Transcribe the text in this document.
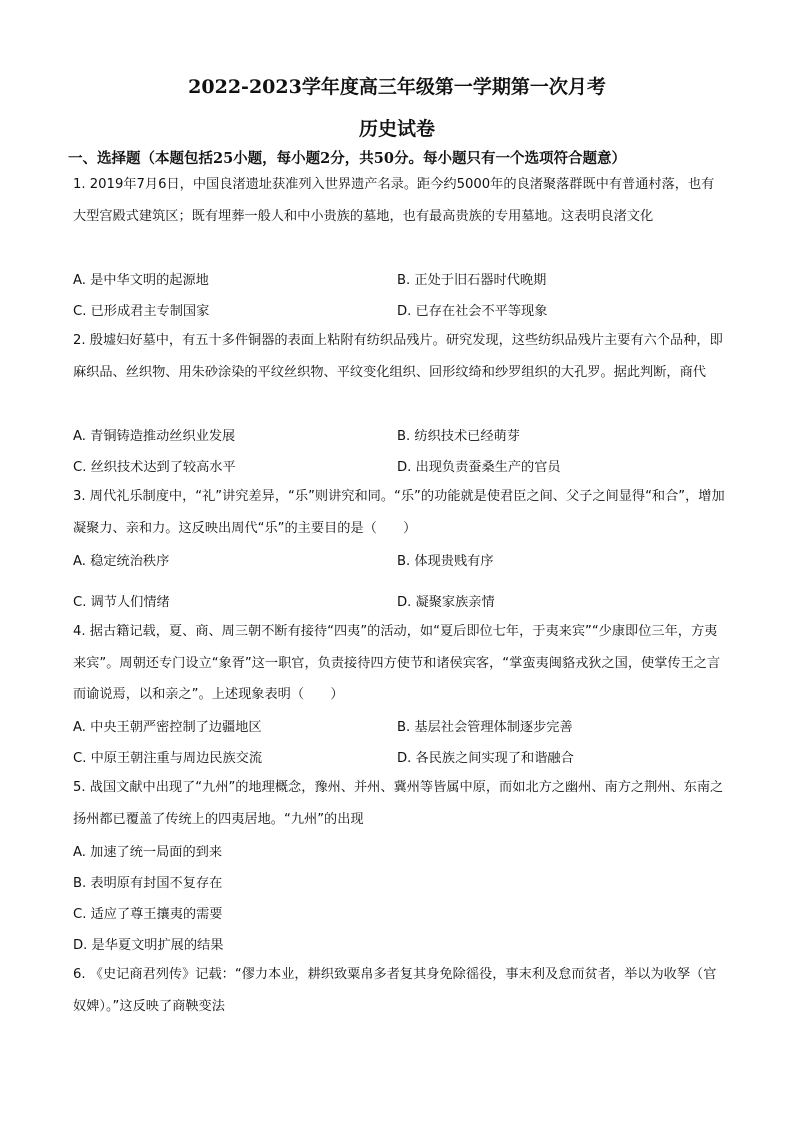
2022-2023学年度高三年级第一学期第一次月考
历史试卷
一、选择题（本题包括25小题，每小题2分，共50分。每小题只有一个选项符合题意）

1. 2019年7月6日，中国良渚遗址获准列入世界遗产名录。距今约5000年的良渚聚落群既中有普通村落，也有大型宫殿式建筑区；既有埋葬一般人和中小贵族的墓地，也有最高贵族的专用墓地。这表明良渚文化

A. 是中华文明的起源地	B. 正处于旧石器时代晚期
C. 已形成君主专制国家	D. 已存在社会不平等现象

2. 殷墟妇好墓中，有五十多件铜器的表面上粘附有纺织品残片。研究发现，这些纺织品残片主要有六个品种，即麻织品、丝织物、用朱砂涂染的平纹丝织物、平纹变化组织、回形纹绮和纱罗组织的大孔罗。据此判断，商代

A. 青铜铸造推动丝织业发展	B. 纺织技术已经萌芽
C. 丝织技术达到了较高水平	D. 出现负责蚕桑生产的官员

3. 周代礼乐制度中，“礼”讲究差异，“乐”则讲究和同。“乐”的功能就是使君臣之间、父子之间显得“和合”，增加凝聚力、亲和力。这反映出周代“乐”的主要目的是（　　）

A. 稳定统治秩序	B. 体现贵贱有序
C. 调节人们情绪	D. 凝聚家族亲情

4. 据古籍记载，夏、商、周三朝不断有接待“四夷”的活动，如“夏后即位七年，于夷来宾”“少康即位三年，方夷来宾”。周朝还专门设立“象胥”这一职官，负责接待四方使节和诸侯宾客，“掌蛮夷闽貉戎狄之国，使掌传王之言而谕说焉，以和亲之”。上述现象表明（　　）

A. 中央王朝严密控制了边疆地区	B. 基层社会管理体制逐步完善
C. 中原王朝注重与周边民族交流	D. 各民族之间实现了和谐融合

5. 战国文献中出现了“九州”的地理概念，豫州、并州、冀州等皆属中原，而如北方之幽州、南方之荆州、东南之扬州都已覆盖了传统上的四夷居地。“九州”的出现

A. 加速了统一局面的到来
B. 表明原有封国不复存在
C. 适应了尊王攘夷的需要
D. 是华夏文明扩展的结果

6. 《史记商君列传》记载：“僇力本业，耕织致粟帛多者复其身免除徭役，事末利及怠而贫者，举以为收孥（官奴婢）。”这反映了商鞅变法
